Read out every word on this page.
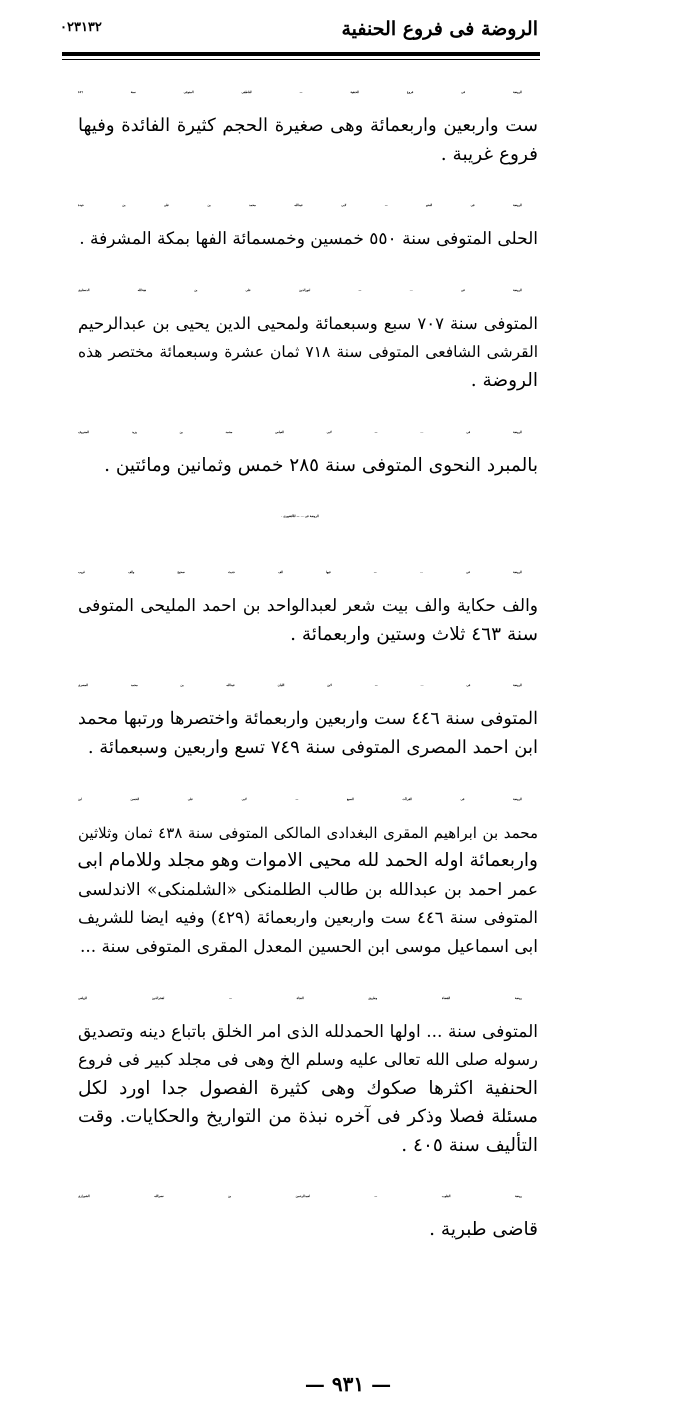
الروضة فى فروع الحنفية
٠٢٣١٣٢
الروضة فى فروع الحنفية — للناطفى المتوفى سنة ٤٤٦
ست واربعين واربعمائة وهى صغيرة الحجم كثيرة الفائدة وفيها
فروع غريبة .
الروضة فى النحو — لابى عبدالله محمد بن على بن حيدة
الحلى المتوفى سنة ٥٥٠ خمسين وخمسمائة الفها بمكة المشرفة .
الروضة فى ... — لنورالدين على بن هبةالله الدستاوى
المتوفى سنة ٧٠٧ سبع وسبعمائة ولمحيى الدين يحيى بن عبدالرحيم
القرشى الشافعى المتوفى سنة ٧١٨ ثمان عشرة وسبعمائة مختصر هذه
الروضة .
الروضة فى ... — لابى العباس محمد بن يزيد المعروف
بالمبرد النحوى المتوفى سنة ٢٨٥ خمس وثمانين ومائتين .
الروضة فى ... — للآقشهرى .
الروضة فى ... — فيها الف حديث صحيح والف غريب
والف حكاية والف بيت شعر لعبدالواحد بن احمد المليحى المتوفى
سنة ٤٦٣ ثلاث وستين واربعمائة .
الروضة فى ... — لابن اللبان عبدالله بن محمد المصرى
المتوفى سنة ٤٤٦ ست واربعين واربعمائة واختصرها ورتبها محمد
ابن احمد المصرى المتوفى سنة ٧٤٩ تسع واربعين وسبعمائة .
الروضة فى القراآت السبع — لابى على الحسن ابن
محمد بن ابراهيم المقرى البغدادى المالكى المتوفى سنة ٤٣٨ ثمان وثلاثين
واربعمائة اوله الحمد لله محيى الاموات وهو مجلد وللامام ابى
عمر احمد بن عبدالله بن طالب الطلمنكى «الشلمنكى» الاندلسى
المتوفى سنة ٤٤٦ ست واربعين واربعمائة (٤٢٩) وفيه ايضا للشريف
ابى اسماعيل موسى ابن الحسين المعدل المقرى المتوفى سنة ...
روضة القضاة وطريق النجاة — لفخرالدين الزيلعى
المتوفى سنة ... اولها الحمدلله الذى امر الخلق باتباع دينه وتصديق
رسوله صلى الله تعالى عليه وسلم الخ وهى فى مجلد كبير فى فروع
الحنفية اكثرها صكوك وهى كثيرة الفصول جدا اورد لكل
مسئلة فصلا وذكر فى آخره نبذة من التواريخ والحكايات. وقت
التأليف سنة ٤٠٥ .
روضة القلوب — لعبدالرحمن بن نصرالله الشيرازى
قاضى طبرية .
— ٩٣١ —
